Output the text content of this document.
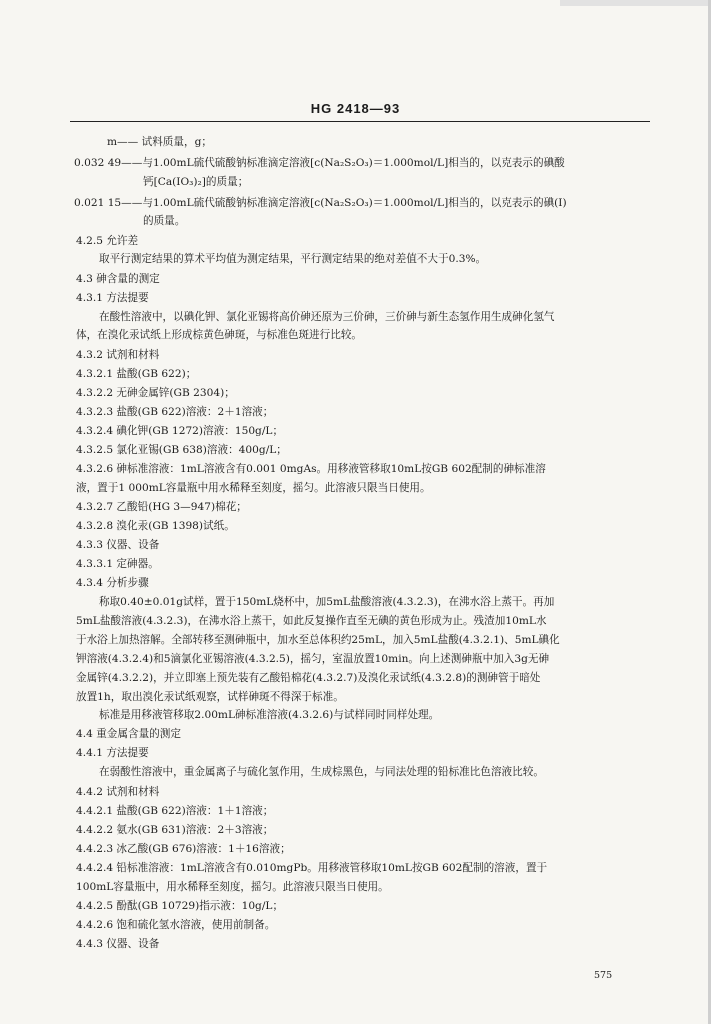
HG 2418—93
m—— 试料质量，g；
0.032 49——与1.00mL硫代硫酸钠标准滴定溶液[c(Na₂S₂O₃)＝1.000mol/L]相当的，以克表示的碘酸
钙[Ca(IO₃)₂]的质量；
0.021 15——与1.00mL硫代硫酸钠标准滴定溶液[c(Na₂S₂O₃)＝1.000mol/L]相当的，以克表示的碘(Ⅰ)
的质量。
4.2.5 允许差
取平行测定结果的算术平均值为测定结果，平行测定结果的绝对差值不大于0.3%。
4.3 砷含量的测定
4.3.1 方法提要
在酸性溶液中，以碘化钾、氯化亚锡将高价砷还原为三价砷，三价砷与新生态氢作用生成砷化氢气
体，在溴化汞试纸上形成棕黄色砷斑，与标准色斑进行比较。
4.3.2 试剂和材料
4.3.2.1 盐酸(GB 622)；
4.3.2.2 无砷金属锌(GB 2304)；
4.3.2.3 盐酸(GB 622)溶液：2＋1溶液；
4.3.2.4 碘化钾(GB 1272)溶液：150g/L；
4.3.2.5 氯化亚锡(GB 638)溶液：400g/L；
4.3.2.6 砷标准溶液：1mL溶液含有0.001 0mgAs。用移液管移取10mL按GB 602配制的砷标准溶
液，置于1 000mL容量瓶中用水稀释至刻度，摇匀。此溶液只限当日使用。
4.3.2.7 乙酸铅(HG 3—947)棉花；
4.3.2.8 溴化汞(GB 1398)试纸。
4.3.3 仪器、设备
4.3.3.1 定砷器。
4.3.4 分析步骤
称取0.40±0.01g试样，置于150mL烧杯中，加5mL盐酸溶液(4.3.2.3)，在沸水浴上蒸干。再加
5mL盐酸溶液(4.3.2.3)，在沸水浴上蒸干，如此反复操作直至无碘的黄色形成为止。残渣加10mL水
于水浴上加热溶解。全部转移至测砷瓶中，加水至总体积约25mL，加入5mL盐酸(4.3.2.1)、5mL碘化
钾溶液(4.3.2.4)和5滴氯化亚锡溶液(4.3.2.5)，摇匀，室温放置10min。向上述测砷瓶中加入3g无砷
金属锌(4.3.2.2)，并立即塞上预先装有乙酸铅棉花(4.3.2.7)及溴化汞试纸(4.3.2.8)的测砷管于暗处
放置1h，取出溴化汞试纸观察，试样砷斑不得深于标准。
标准是用移液管移取2.00mL砷标准溶液(4.3.2.6)与试样同时同样处理。
4.4 重金属含量的测定
4.4.1 方法提要
在弱酸性溶液中，重金属离子与硫化氢作用，生成棕黑色，与同法处理的铅标准比色溶液比较。
4.4.2 试剂和材料
4.4.2.1 盐酸(GB 622)溶液：1＋1溶液；
4.4.2.2 氨水(GB 631)溶液：2＋3溶液；
4.4.2.3 冰乙酸(GB 676)溶液：1＋16溶液；
4.4.2.4 铅标准溶液：1mL溶液含有0.010mgPb。用移液管移取10mL按GB 602配制的溶液，置于
100mL容量瓶中，用水稀释至刻度，摇匀。此溶液只限当日使用。
4.4.2.5 酚酞(GB 10729)指示液：10g/L；
4.4.2.6 饱和硫化氢水溶液，使用前制备。
4.4.3 仪器、设备
575
